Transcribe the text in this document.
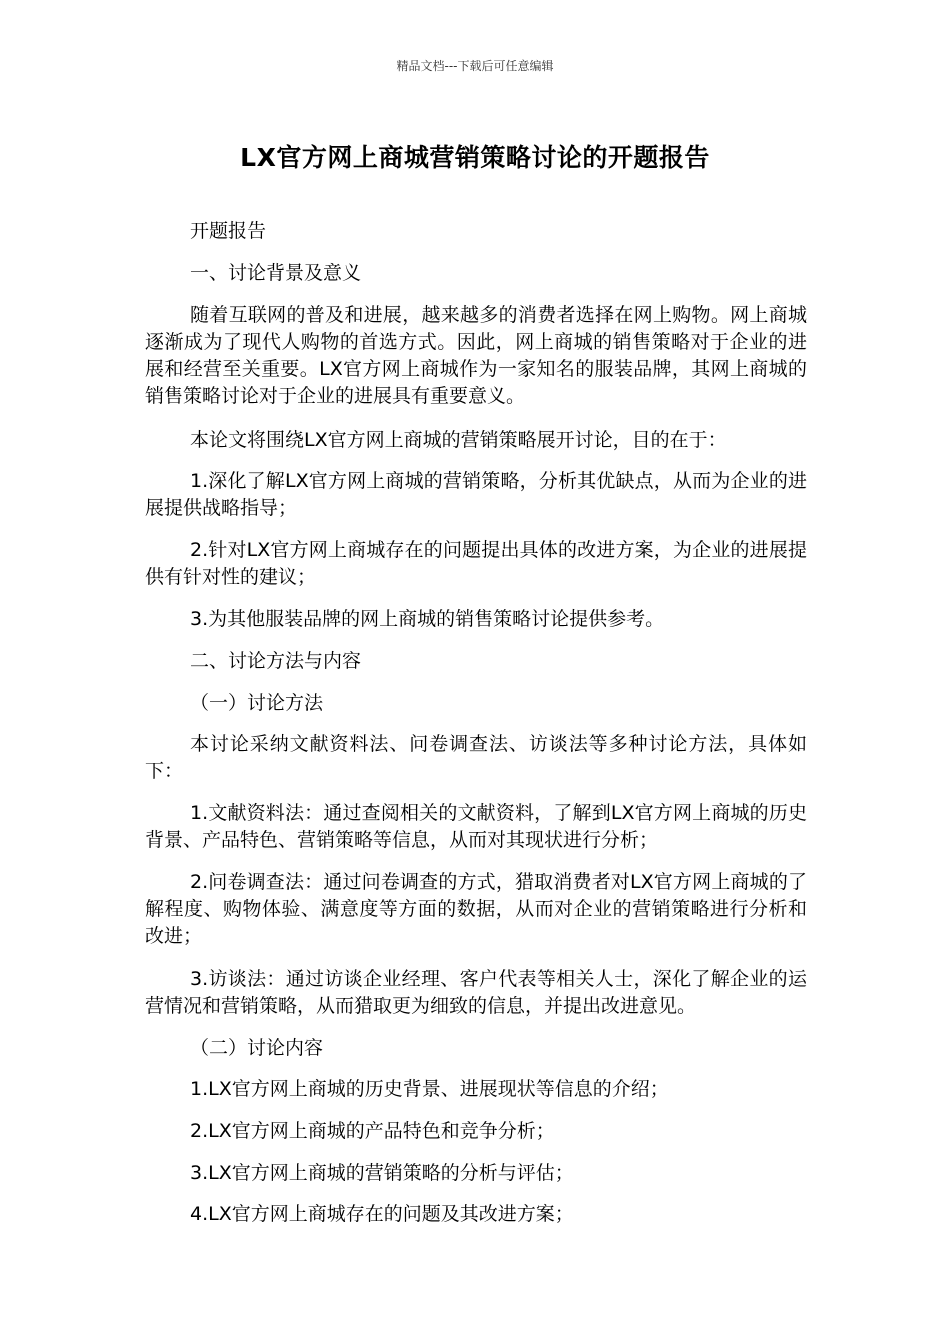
精品文档---下载后可任意编辑
LX官方网上商城营销策略讨论的开题报告
开题报告
一、讨论背景及意义
随着互联网的普及和进展，越来越多的消费者选择在网上购物。网上商城逐渐成为了现代人购物的首选方式。因此，网上商城的销售策略对于企业的进展和经营至关重要。LX官方网上商城作为一家知名的服装品牌，其网上商城的销售策略讨论对于企业的进展具有重要意义。
本论文将围绕LX官方网上商城的营销策略展开讨论，目的在于：
1.深化了解LX官方网上商城的营销策略，分析其优缺点，从而为企业的进展提供战略指导；
2.针对LX官方网上商城存在的问题提出具体的改进方案，为企业的进展提供有针对性的建议；
3.为其他服装品牌的网上商城的销售策略讨论提供参考。
二、讨论方法与内容
（一）讨论方法
本讨论采纳文献资料法、问卷调查法、访谈法等多种讨论方法，具体如下：
1.文献资料法：通过查阅相关的文献资料，了解到LX官方网上商城的历史背景、产品特色、营销策略等信息，从而对其现状进行分析；
2.问卷调查法：通过问卷调查的方式，猎取消费者对LX官方网上商城的了解程度、购物体验、满意度等方面的数据，从而对企业的营销策略进行分析和改进；
3.访谈法：通过访谈企业经理、客户代表等相关人士，深化了解企业的运营情况和营销策略，从而猎取更为细致的信息，并提出改进意见。
（二）讨论内容
1.LX官方网上商城的历史背景、进展现状等信息的介绍；
2.LX官方网上商城的产品特色和竞争分析；
3.LX官方网上商城的营销策略的分析与评估；
4.LX官方网上商城存在的问题及其改进方案；
